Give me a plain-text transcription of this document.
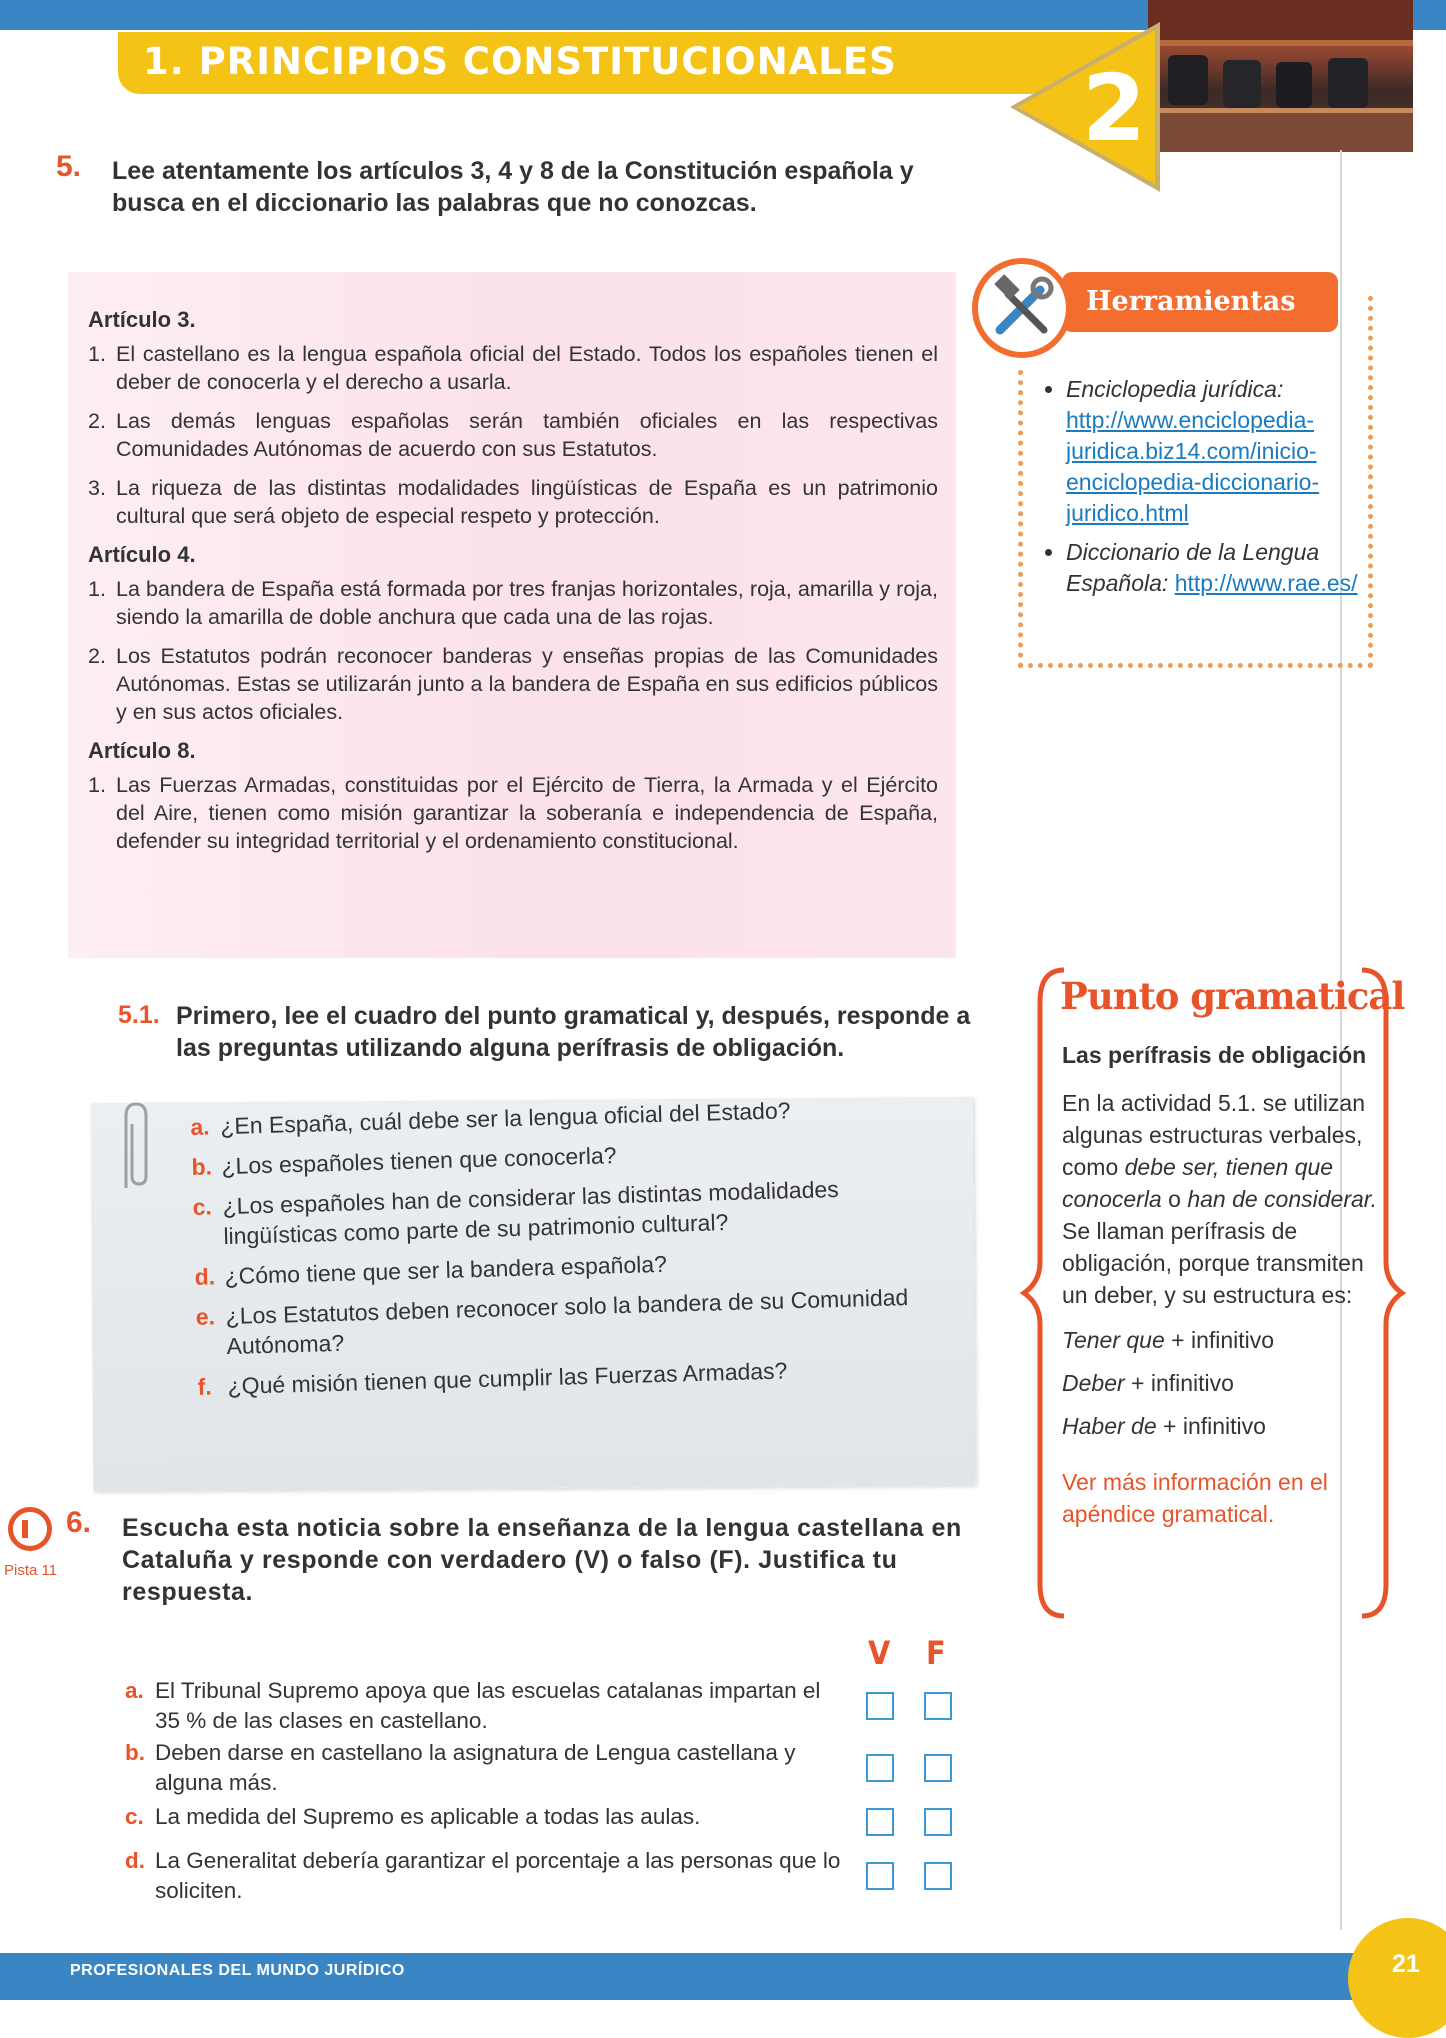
1. PRINCIPIOS CONSTITUCIONALES 2
5. Lee atentamente los artículos 3, 4 y 8 de la Constitución española y busca en el diccionario las palabras que no conozcas.
Artículo 3.
1. El castellano es la lengua española oficial del Estado. Todos los españoles tienen el deber de conocerla y el derecho a usarla.
2. Las demás lenguas españolas serán también oficiales en las respectivas Comunidades Autónomas de acuerdo con sus Estatutos.
3. La riqueza de las distintas modalidades lingüísticas de España es un patrimonio cultural que será objeto de especial respeto y protección.
Artículo 4.
1. La bandera de España está formada por tres franjas horizontales, roja, amarilla y roja, siendo la amarilla de doble anchura que cada una de las rojas.
2. Los Estatutos podrán reconocer banderas y enseñas propias de las Comunidades Autónomas. Estas se utilizarán junto a la bandera de España en sus edificios públicos y en sus actos oficiales.
Artículo 8.
1. Las Fuerzas Armadas, constituidas por el Ejército de Tierra, la Armada y el Ejército del Aire, tienen como misión garantizar la soberanía e independencia de España, defender su integridad territorial y el ordenamiento constitucional.
Herramientas
• Enciclopedia jurídica:
http://www.enciclopedia-juridica.biz14.com/inicio-enciclopedia-diccionario-juridico.html
• Diccionario de la Lengua Española: http://www.rae.es/
5.1. Primero, lee el cuadro del punto gramatical y, después, responde a las preguntas utilizando alguna perífrasis de obligación.
a. ¿En España, cuál debe ser la lengua oficial del Estado?
b. ¿Los españoles tienen que conocerla?
c. ¿Los españoles han de considerar las distintas modalidades lingüísticas como parte de su patrimonio cultural?
d. ¿Cómo tiene que ser la bandera española?
e. ¿Los Estatutos deben reconocer solo la bandera de su Comunidad Autónoma?
f. ¿Qué misión tienen que cumplir las Fuerzas Armadas?
Punto gramatical
Las perífrasis de obligación
En la actividad 5.1. se utilizan algunas estructuras verbales, como debe ser, tienen que conocerla o han de considerar. Se llaman perífrasis de obligación, porque transmiten un deber, y su estructura es:
Tener que + infinitivo
Deber + infinitivo
Haber de + infinitivo
Ver más información en el apéndice gramatical.
Pista 11
6. Escucha esta noticia sobre la enseñanza de la lengua castellana en Cataluña y responde con verdadero (V) o falso (F). Justifica tu respuesta.
V F
a. El Tribunal Supremo apoya que las escuelas catalanas impartan el 35 % de las clases en castellano.
b. Deben darse en castellano la asignatura de Lengua castellana y alguna más.
c. La medida del Supremo es aplicable a todas las aulas.
d. La Generalitat debería garantizar el porcentaje a las personas que lo soliciten.
PROFESIONALES DEL MUNDO JURÍDICO	21
